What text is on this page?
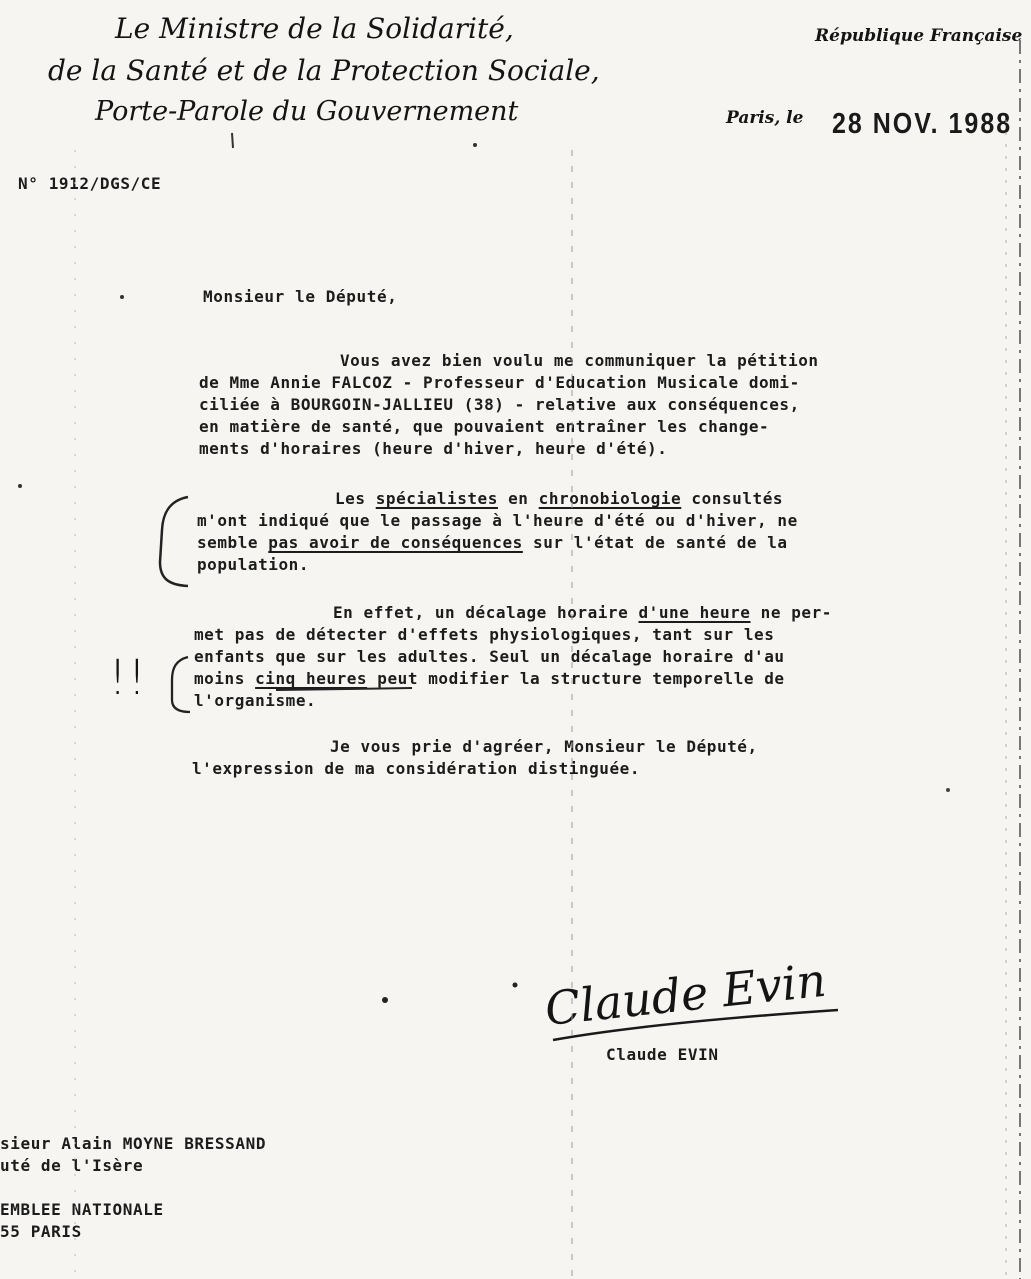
Le Ministre de la Solidarité,
de la Santé et de la Protection Sociale,
Porte-Parole du Gouvernement
République Française
Paris, le 28 NOV. 1988
N° 1912/DGS/CE
Monsieur le Député,
Vous avez bien voulu me communiquer la pétition
de Mme Annie FALCOZ - Professeur d'Education Musicale domi-
ciliée à BOURGOIN-JALLIEU (38) - relative aux conséquences,
en matière de santé, que pouvaient entraîner les change-
ments d'horaires (heure d'hiver, heure d'été).
Les spécialistes en chronobiologie consultés
m'ont indiqué que le passage à l'heure d'été ou d'hiver, ne
semble pas avoir de conséquences sur l'état de santé de la
population.
En effet, un décalage horaire d'une heure ne per-
met pas de détecter d'effets physiologiques, tant sur les
enfants que sur les adultes. Seul un décalage horaire d'au
moins cinq heures peut modifier la structure temporelle de
l'organisme.
Je vous prie d'agréer, Monsieur le Député,
l'expression de ma considération distinguée.
!!
Claude Evin
Claude EVIN
sieur Alain MOYNE BRESSAND
uté de l'Isère
EMBLEE NATIONALE
55 PARIS
